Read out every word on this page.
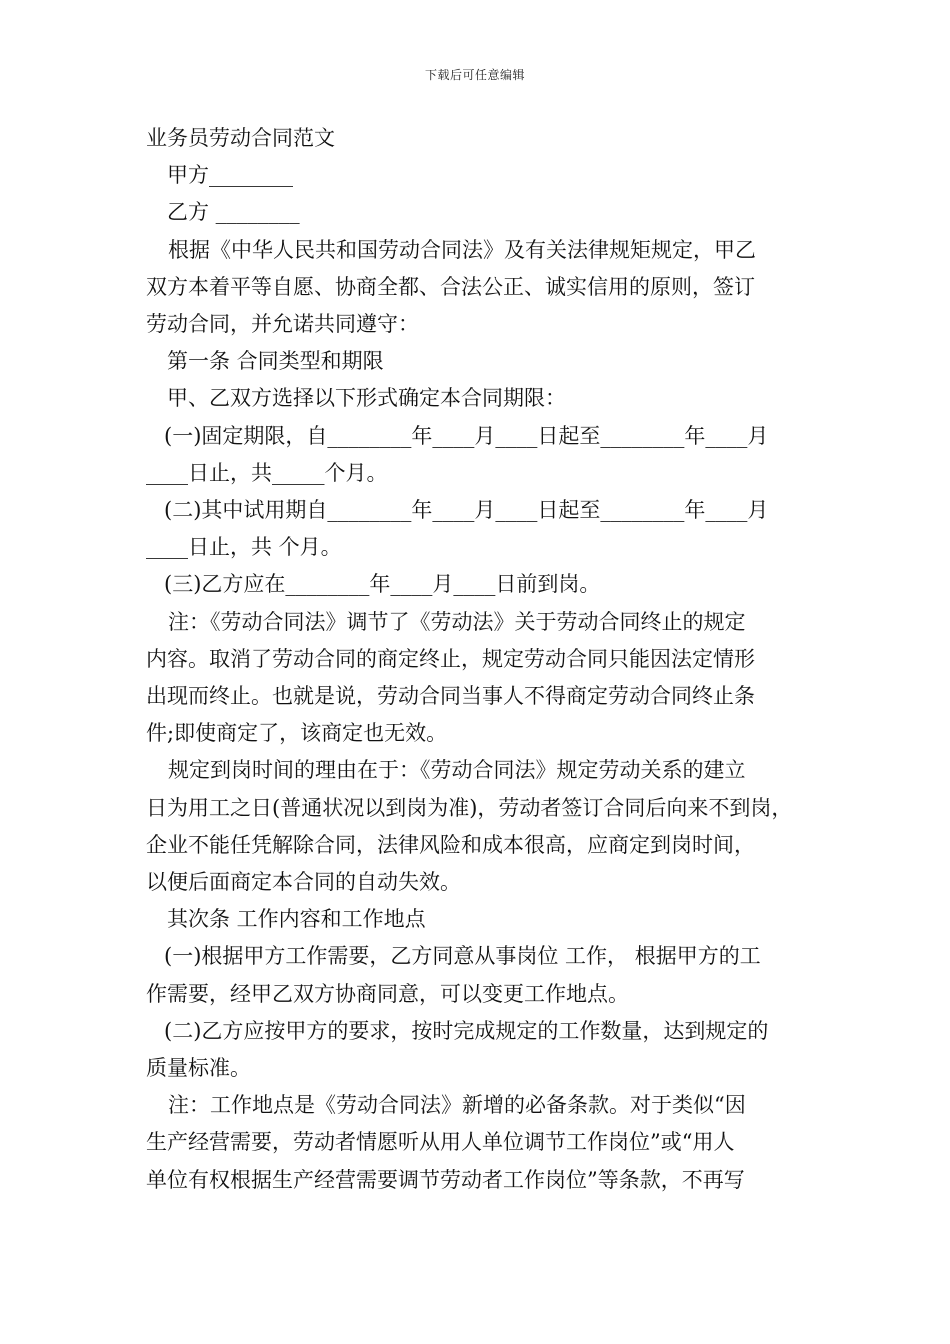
下载后可任意编辑
业务员劳动合同范文
甲方________
乙方 ________
根据《中华人民共和国劳动合同法》及有关法律规矩规定，甲乙
双方本着平等自愿、协商全都、合法公正、诚实信用的原则，签订
劳动合同，并允诺共同遵守：
第一条 合同类型和期限
甲、乙双方选择以下形式确定本合同期限：
(一)固定期限，自________年____月____日起至________年____月
____日止，共_____个月。
(二)其中试用期自________年____月____日起至________年____月
____日止，共 个月。
(三)乙方应在________年____月____日前到岗。
注：《劳动合同法》调节了《劳动法》关于劳动合同终止的规定
内容。取消了劳动合同的商定终止，规定劳动合同只能因法定情形
出现而终止。也就是说，劳动合同当事人不得商定劳动合同终止条
件;即使商定了，该商定也无效。
规定到岗时间的理由在于：《劳动合同法》规定劳动关系的建立
日为用工之日(普通状况以到岗为准)，劳动者签订合同后向来不到岗，
企业不能任凭解除合同，法律风险和成本很高，应商定到岗时间，
以便后面商定本合同的自动失效。
其次条 工作内容和工作地点
(一)根据甲方工作需要，乙方同意从事岗位 工作， 根据甲方的工
作需要，经甲乙双方协商同意，可以变更工作地点。
(二)乙方应按甲方的要求，按时完成规定的工作数量，达到规定的
质量标准。
注：工作地点是《劳动合同法》新增的必备条款。对于类似“因
生产经营需要，劳动者情愿听从用人单位调节工作岗位”或“用人
单位有权根据生产经营需要调节劳动者工作岗位”等条款，不再写
